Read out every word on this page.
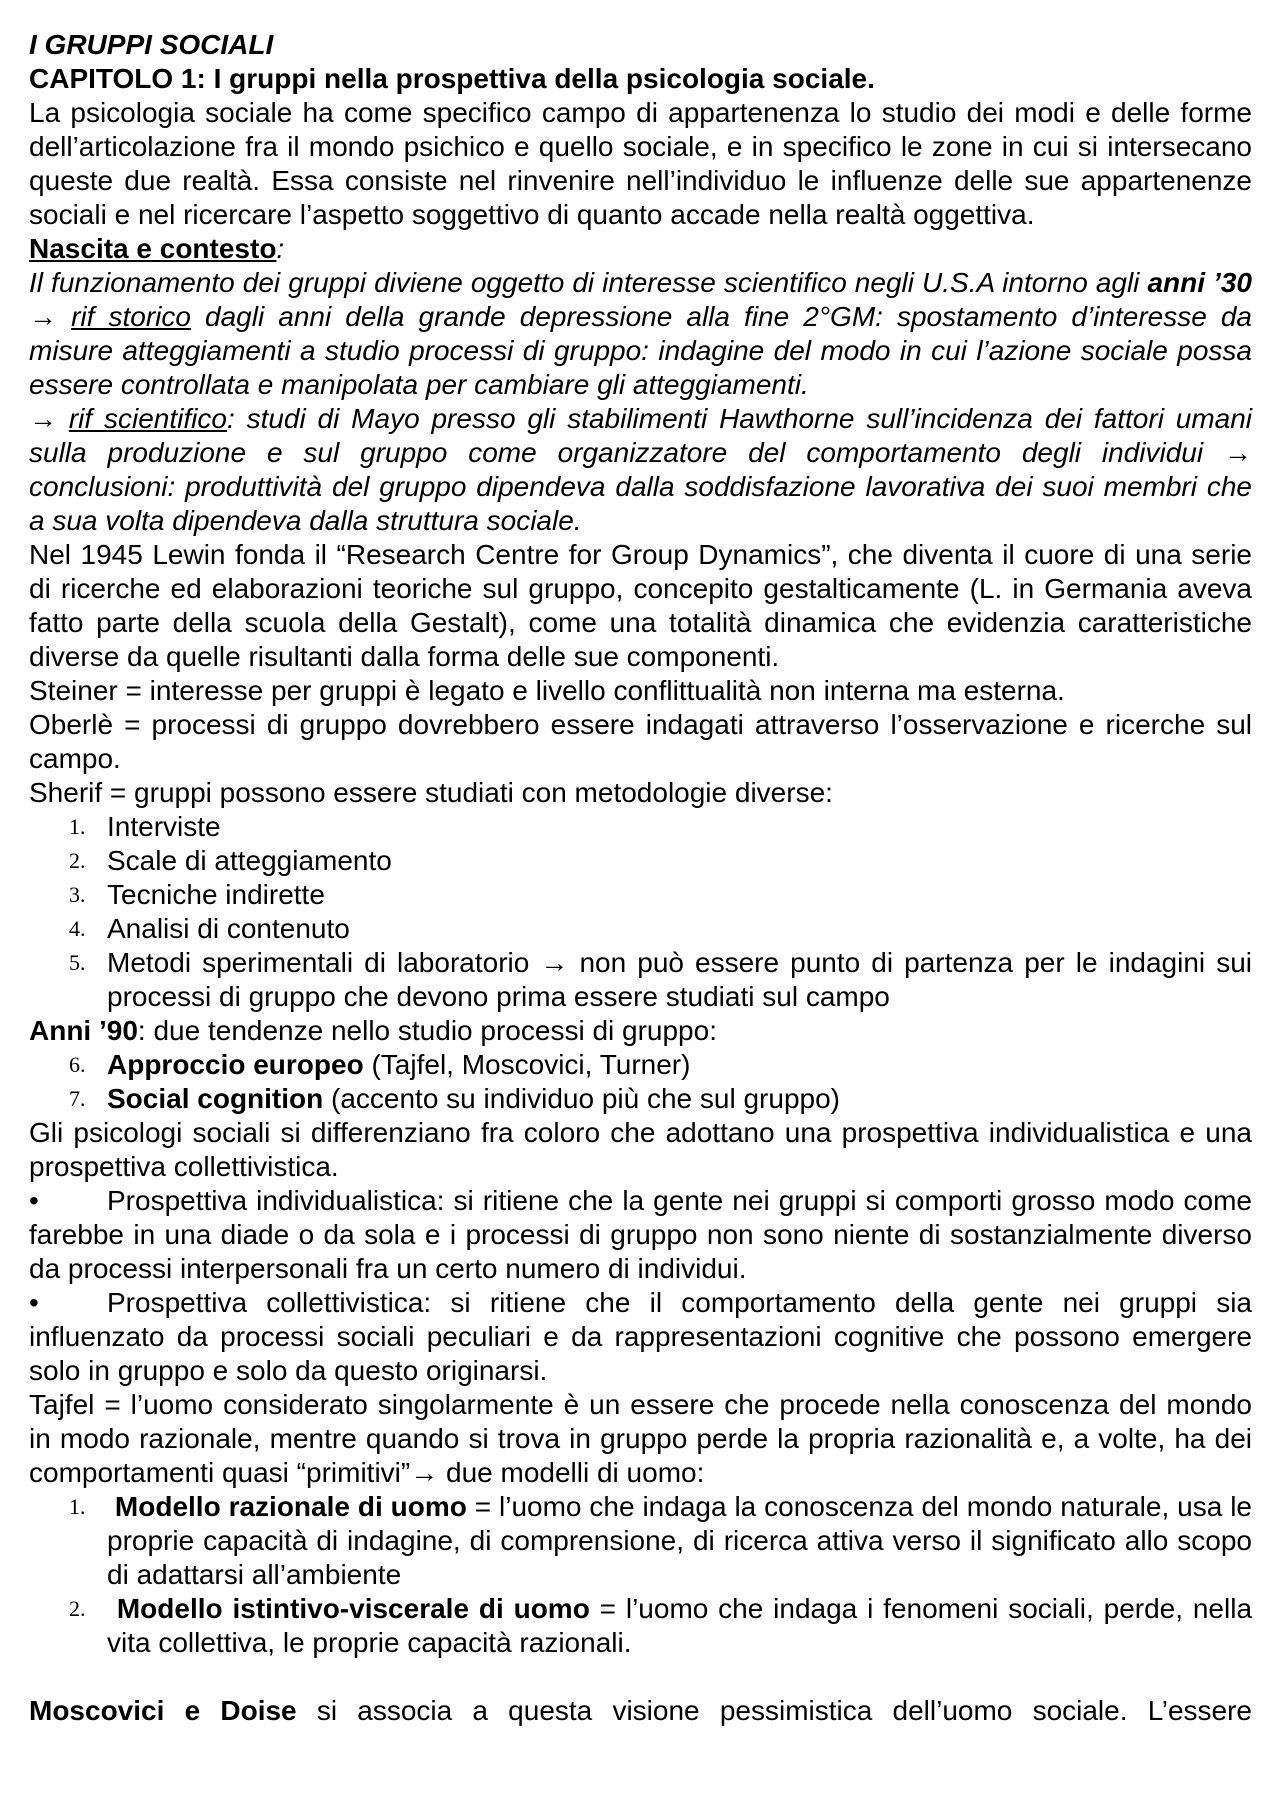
I GRUPPI SOCIALI

CAPITOLO 1: I gruppi nella prospettiva della psicologia sociale.

La psicologia sociale ha come specifico campo di appartenenza lo studio dei modi e delle forme dell’articolazione fra il mondo psichico e quello sociale, e in specifico le zone in cui si intersecano queste due realtà. Essa consiste nel rinvenire nell’individuo le influenze delle sue appartenenze sociali e nel ricercare l’aspetto soggettivo di quanto accade nella realtà oggettiva.

Nascita e contesto:

Il funzionamento dei gruppi diviene oggetto di interesse scientifico negli U.S.A intorno agli anni ’30 → rif storico dagli anni della grande depressione alla fine 2°GM: spostamento d’interesse da misure atteggiamenti a studio processi di gruppo: indagine del modo in cui l’azione sociale possa essere controllata e manipolata per cambiare gli atteggiamenti.

→ rif scientifico: studi di Mayo presso gli stabilimenti Hawthorne sull’incidenza dei fattori umani sulla produzione e sul gruppo come organizzatore del comportamento degli individui → conclusioni: produttività del gruppo dipendeva dalla soddisfazione lavorativa dei suoi membri che a sua volta dipendeva dalla struttura sociale.

Nel 1945 Lewin fonda il “Research Centre for Group Dynamics”, che diventa il cuore di una serie di ricerche ed elaborazioni teoriche sul gruppo, concepito gestalticamente (L. in Germania aveva fatto parte della scuola della Gestalt), come una totalità dinamica che evidenzia caratteristiche diverse da quelle risultanti dalla forma delle sue componenti.

Steiner = interesse per gruppi è legato e livello conflittualità non interna ma esterna.

Oberlè = processi di gruppo dovrebbero essere indagati attraverso l’osservazione e ricerche sul campo.

Sherif = gruppi possono essere studiati con metodologie diverse:

1. Interviste
2. Scale di atteggiamento
3. Tecniche indirette
4. Analisi di contenuto
5. Metodi sperimentali di laboratorio → non può essere punto di partenza per le indagini sui processi di gruppo che devono prima essere studiati sul campo

Anni ’90: due tendenze nello studio processi di gruppo:

6. Approccio europeo (Tajfel, Moscovici, Turner)
7. Social cognition (accento su individuo più che sul gruppo)

Gli psicologi sociali si differenziano fra coloro che adottano una prospettiva individualistica e una prospettiva collettivistica.

• Prospettiva individualistica: si ritiene che la gente nei gruppi si comporti grosso modo come farebbe in una diade o da sola e i processi di gruppo non sono niente di sostanzialmente diverso da processi interpersonali fra un certo numero di individui.

• Prospettiva collettivistica: si ritiene che il comportamento della gente nei gruppi sia influenzato da processi sociali peculiari e da rappresentazioni cognitive che possono emergere solo in gruppo e solo da questo originarsi.

Tajfel = l’uomo considerato singolarmente è un essere che procede nella conoscenza del mondo in modo razionale, mentre quando si trova in gruppo perde la propria razionalità e, a volte, ha dei comportamenti quasi “primitivi”→ due modelli di uomo:

1. Modello razionale di uomo = l’uomo che indaga la conoscenza del mondo naturale, usa le proprie capacità di indagine, di comprensione, di ricerca attiva verso il significato allo scopo di adattarsi all’ambiente
2. Modello istintivo-viscerale di uomo = l’uomo che indaga i fenomeni sociali, perde, nella vita collettiva, le proprie capacità razionali.

Moscovici e Doise si associa a questa visione pessimistica dell’uomo sociale. L’essere
